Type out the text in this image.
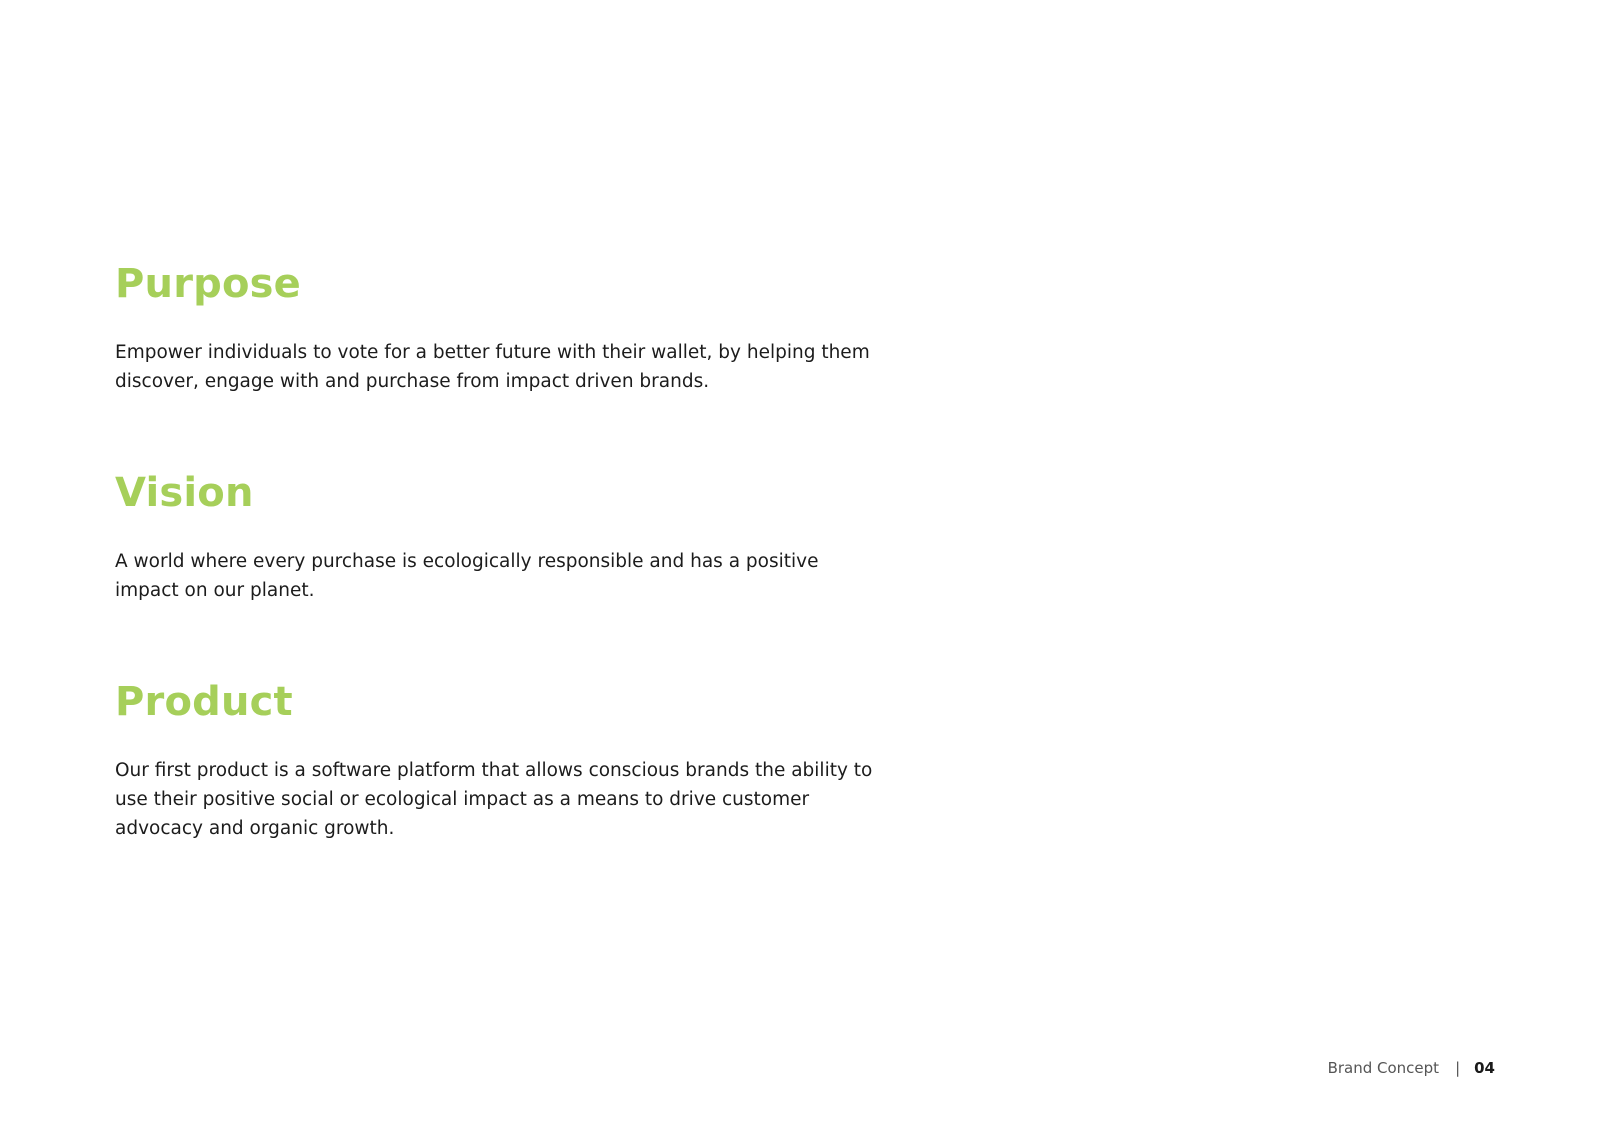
Purpose

Empower individuals to vote for a better future with their wallet, by helping them discover, engage with and purchase from impact driven brands.

Vision

A world where every purchase is ecologically responsible and has a positive impact on our planet.

Product

Our first product is a software platform that allows conscious brands the ability to use their positive social or ecological impact as a means to drive customer advocacy and organic growth.

Brand Concept | 04
